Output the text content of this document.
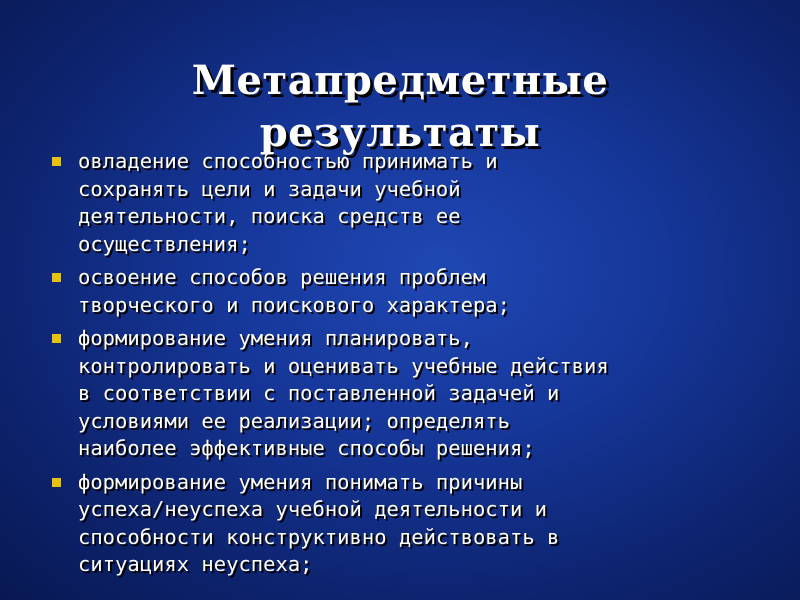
Метапредметные
результаты
овладение способностью принимать и
сохранять цели и задачи учебной
деятельности, поиска средств ее
осуществления;
освоение способов решения проблем
творческого и поискового характера;
формирование умения планировать,
контролировать и оценивать учебные действия
в соответствии с поставленной задачей и
условиями ее реализации; определять
наиболее эффективные способы решения;
формирование умения понимать причины
успеха/неуспеха учебной деятельности и
способности конструктивно действовать в
ситуациях неуспеха;
